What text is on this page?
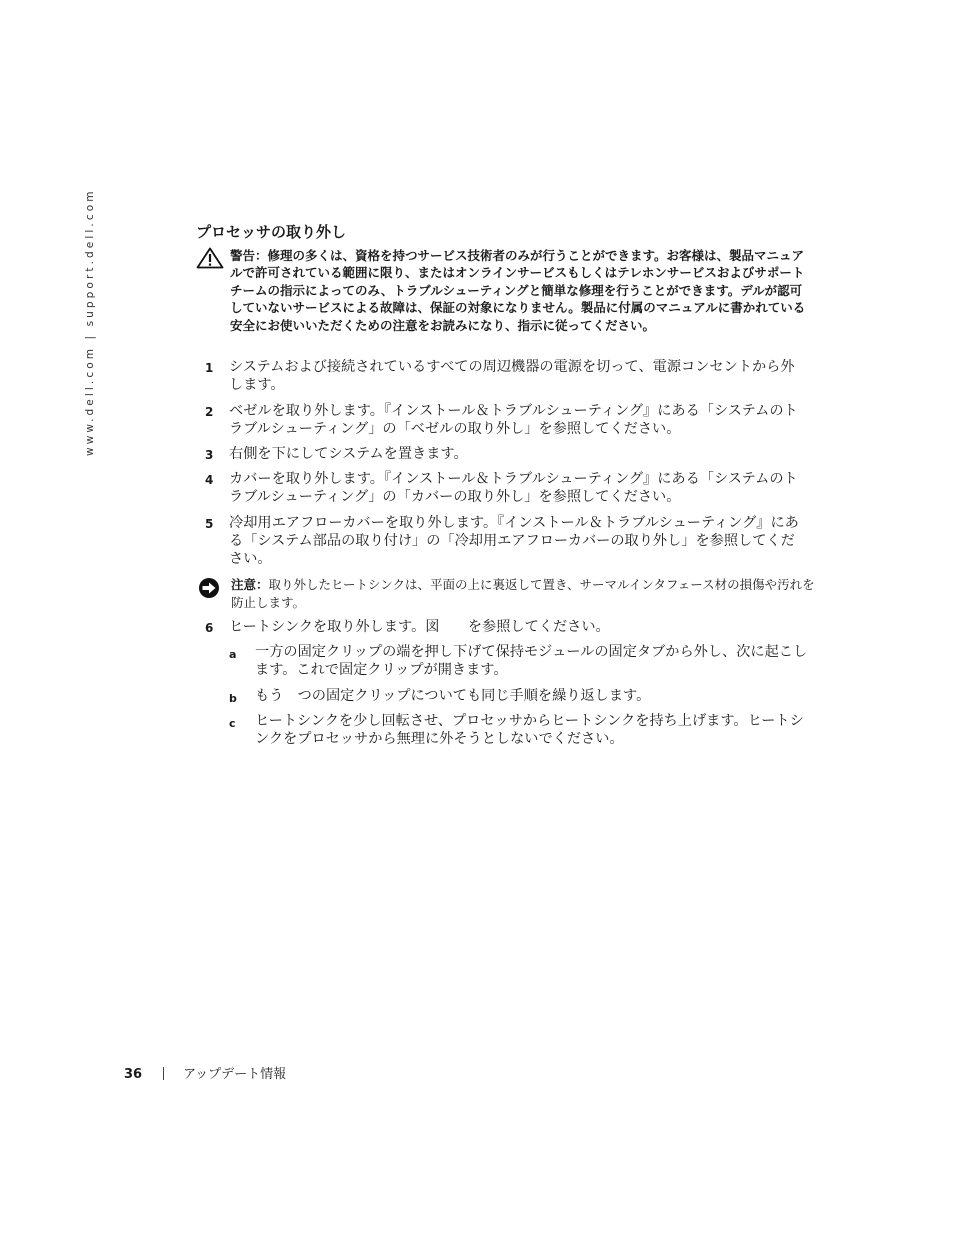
www.dell.com | support.dell.com	プロセッサの取り外し
警告：修理の多くは、資格を持つサービス技術者のみが行うことができます。お客様は、製品マニュアルで許可されている範囲に限り、またはオンラインサービスもしくはテレホンサービスおよびサポートチームの指示によってのみ、トラブルシューティングと簡単な修理を行うことができます。デルが認可していないサービスによる故障は、保証の対象になりません。製品に付属のマニュアルに書かれている安全にお使いいただくための注意をお読みになり、指示に従ってください。
1	システムおよび接続されているすべての周辺機器の電源を切って、電源コンセントから外します。
2	ベゼルを取り外します。『インストール＆トラブルシューティング』にある「システムのトラブルシューティング」の「ベゼルの取り外し」を参照してください。
3	右側を下にしてシステムを置きます。
4	カバーを取り外します。『インストール＆トラブルシューティング』にある「システムのトラブルシューティング」の「カバーの取り外し」を参照してください。
5	冷却用エアフローカバーを取り外します。『インストール＆トラブルシューティング』にある「システム部品の取り付け」の「冷却用エアフローカバーの取り外し」を参照してください。
注意：取り外したヒートシンクは、平面の上に裏返して置き、サーマルインタフェース材の損傷や汚れを防止します。
6	ヒートシンクを取り外します。図　　を参照してください。
a 一方の固定クリップの端を押し下げて保持モジュールの固定タブから外し、次に起こします。これで固定クリップが開きます。
b もう　つの固定クリップについても同じ手順を繰り返します。
c ヒートシンクを少し回転させ、プロセッサからヒートシンクを持ち上げます。ヒートシンクをプロセッサから無理に外そうとしないでください。
36	アップデート情報
